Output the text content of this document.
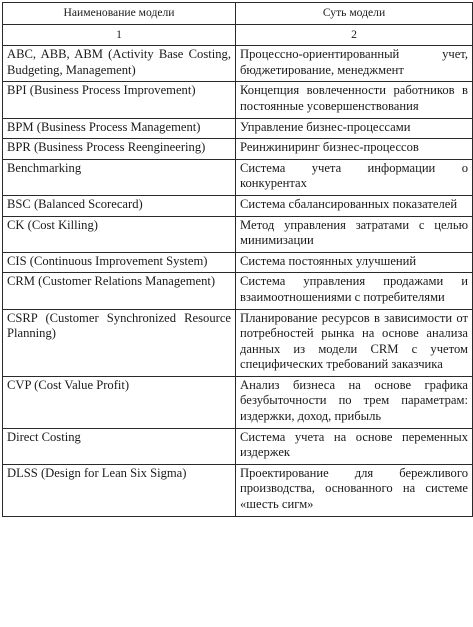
Наименование модели	Суть модели
1	2
ABC, ABB, ABM (Activity Base Costing, Budgeting, Management)	Процессно-ориентированный учет, бюджетирование, менеджмент
BPI (Business Process Improvement)	Концепция вовлеченности работников в постоянные усовершенствования
BPM (Business Process Management)	Управление бизнес-процессами
BPR (Business Process Reengineering)	Реинжиниринг бизнес-процессов
Benchmarking	Система учета информации о конкурентах
BSC (Balanced Scorecard)	Система сбалансированных показателей
CK (Cost Killing)	Метод управления затратами с целью минимизации
CIS (Continuous Improvement System)	Система постоянных улучшений
CRM (Customer Relations Management)	Система управления продажами и взаимоотношениями с потребителями
CSRP (Customer Synchronized Resource Planning)	Планирование ресурсов в зависимости от потребностей рынка на основе анализа данных из модели CRM с учетом специфических требований заказчика
CVP (Cost Value Profit)	Анализ бизнеса на основе графика безубыточности по трем параметрам: издержки, доход, прибыль
Direct Costing	Система учета на основе переменных издержек
DLSS (Design for Lean Six Sigma)	Проектирование для бережливого производства, основанного на системе «шесть сигм»
